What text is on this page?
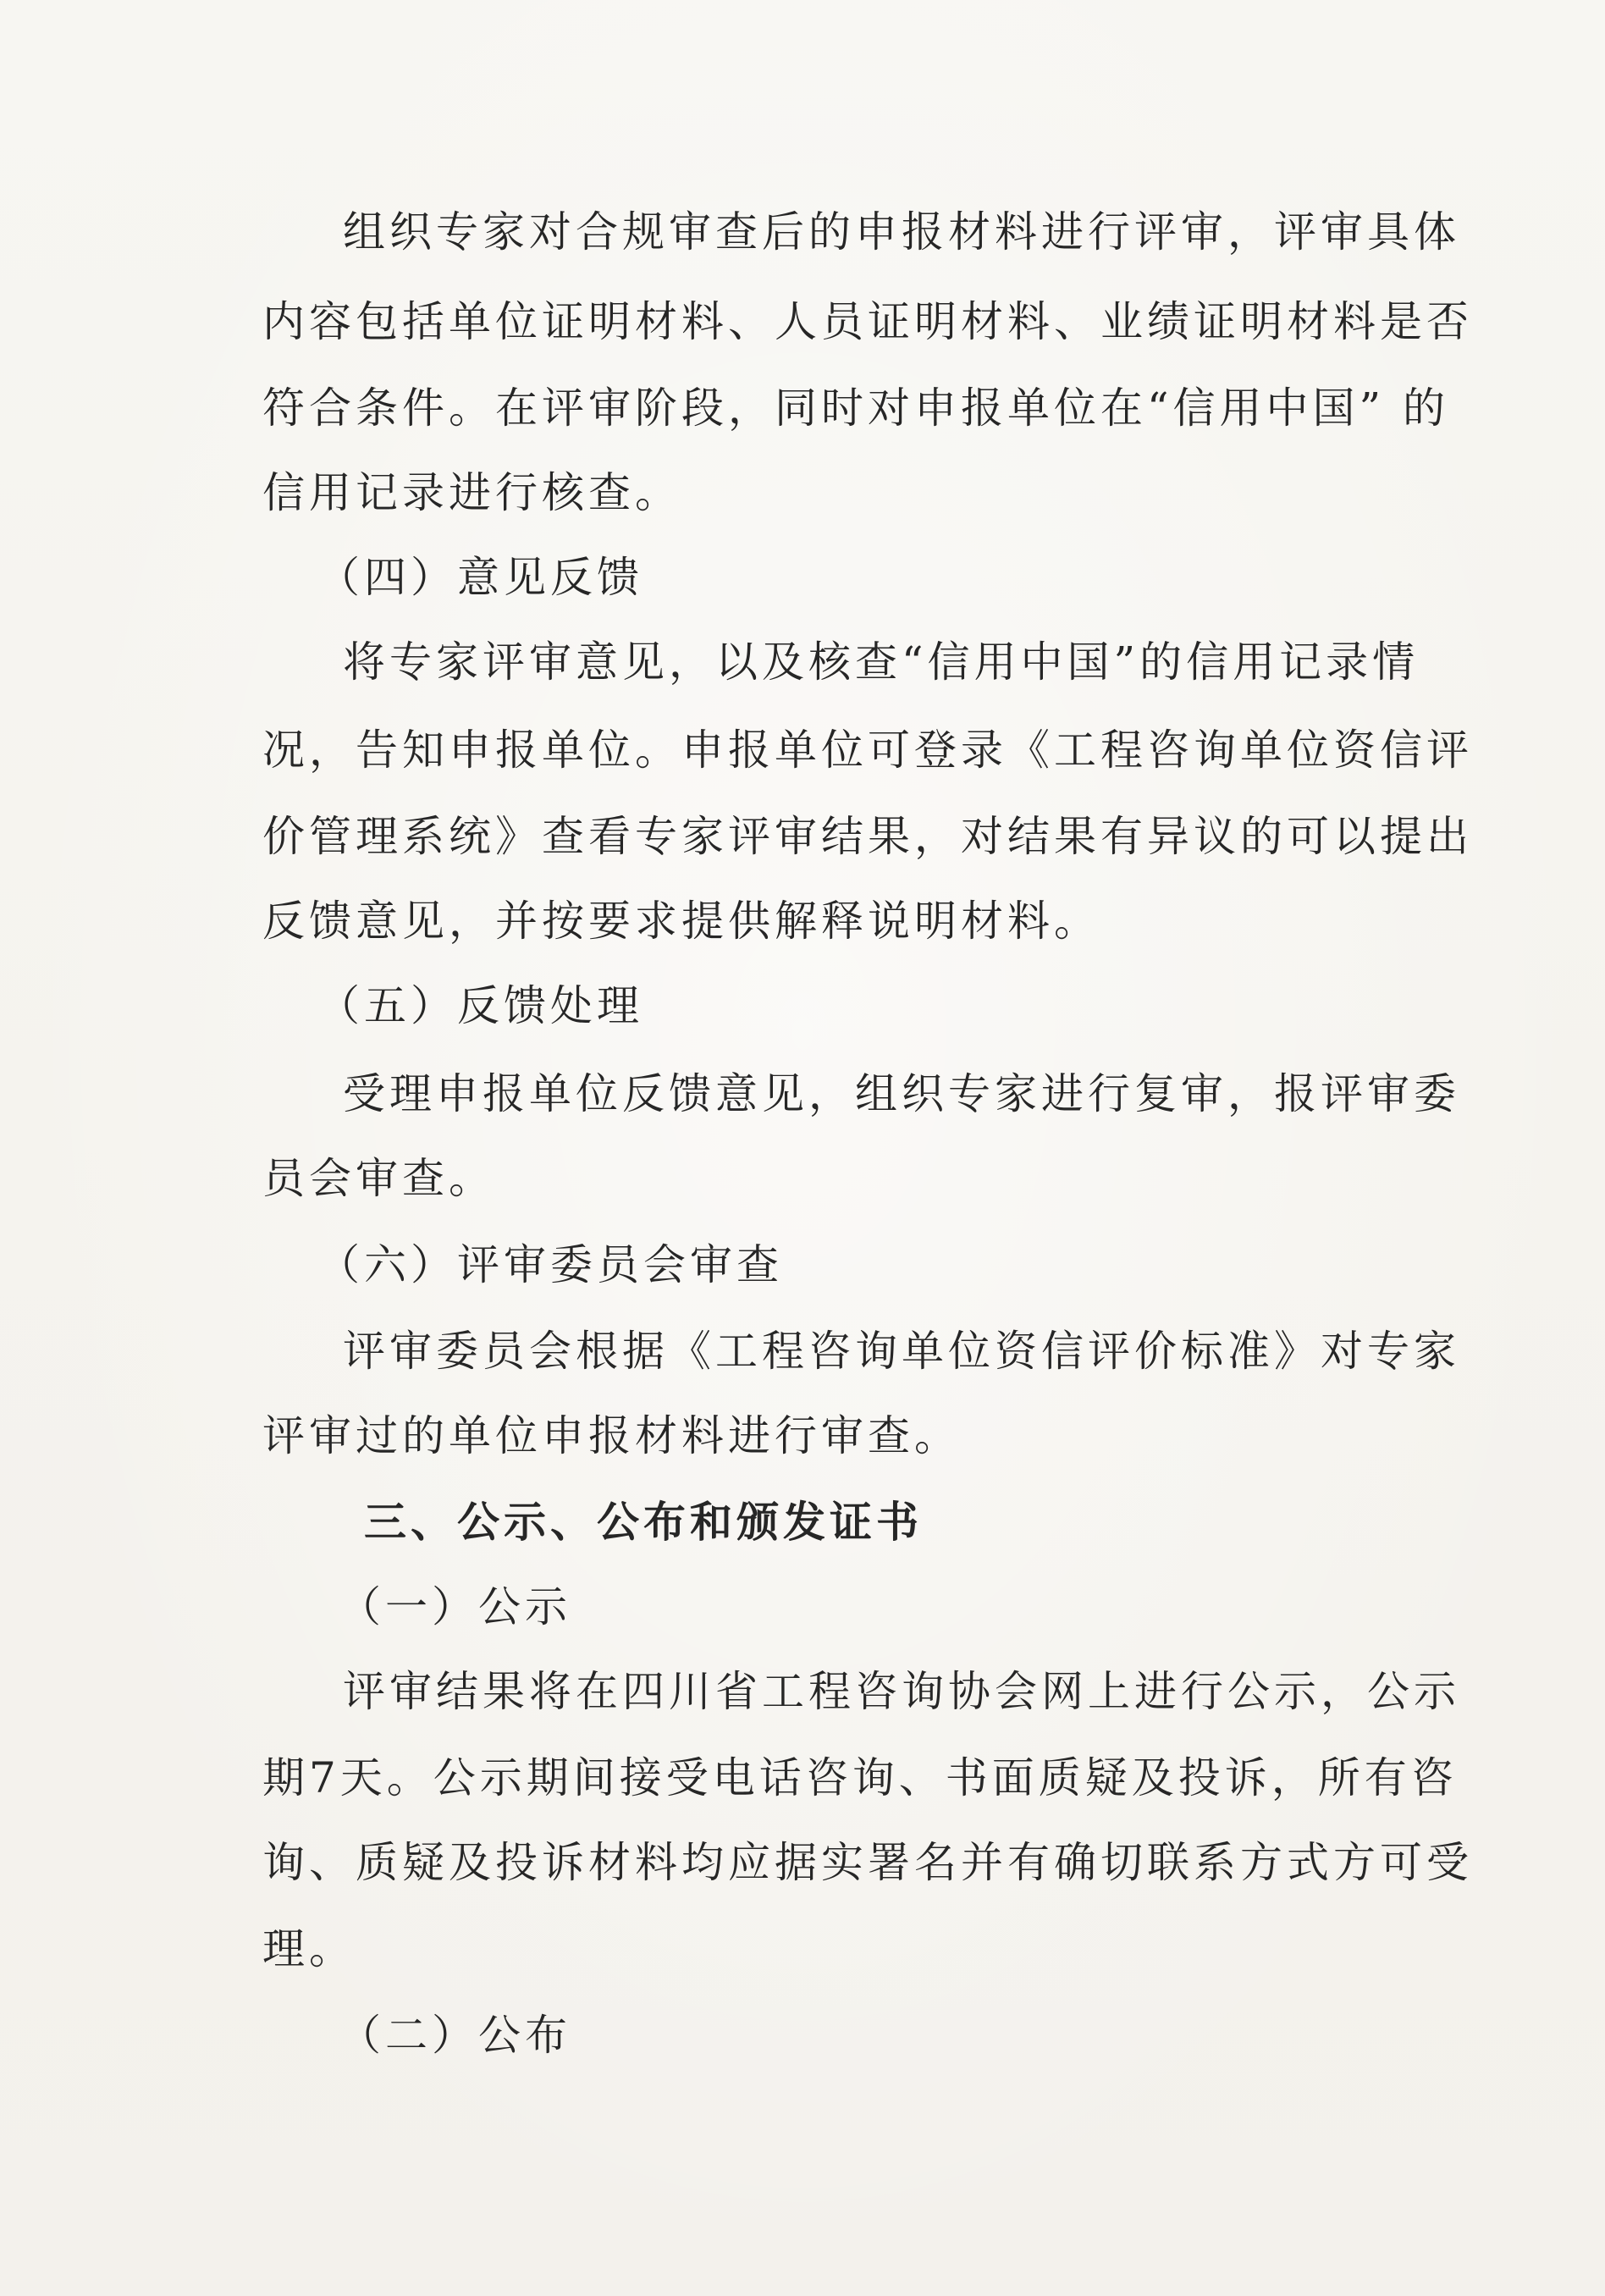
组织专家对合规审查后的申报材料进行评审，评审具体
内容包括单位证明材料、人员证明材料、业绩证明材料是否
符合条件。在评审阶段，同时对申报单位在“信用中国” 的
信用记录进行核查。
（四）意见反馈
将专家评审意见，以及核查“信用中国”的信用记录情
况，告知申报单位。申报单位可登录《工程咨询单位资信评
价管理系统》查看专家评审结果，对结果有异议的可以提出
反馈意见，并按要求提供解释说明材料。
（五）反馈处理
受理申报单位反馈意见，组织专家进行复审，报评审委
员会审查。
（六）评审委员会审查
评审委员会根据《工程咨询单位资信评价标准》对专家
评审过的单位申报材料进行审查。
三、公示、公布和颁发证书
（一）公示
评审结果将在四川省工程咨询协会网上进行公示，公示
期7天。公示期间接受电话咨询、书面质疑及投诉，所有咨
询、质疑及投诉材料均应据实署名并有确切联系方式方可受
理。
（二）公布
